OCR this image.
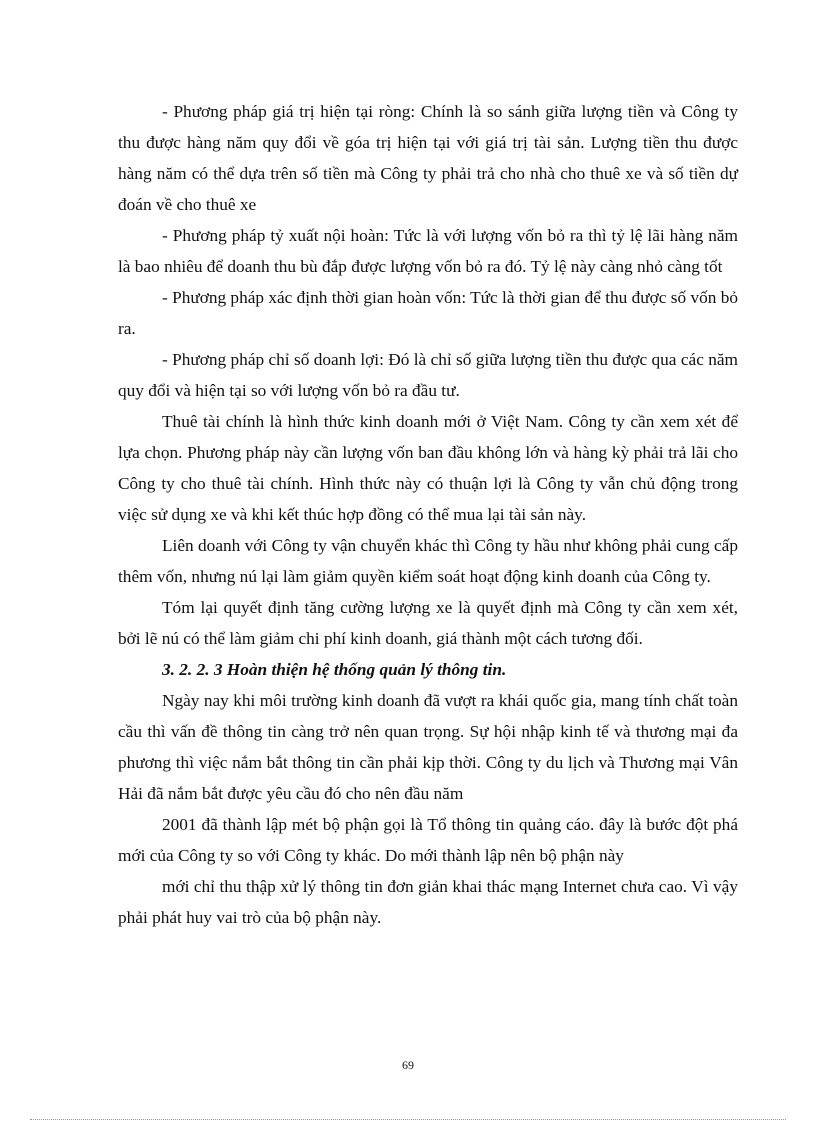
- Phương pháp giá trị hiện tại ròng: Chính là so sánh giữa lượng tiền và Công ty thu được hàng năm quy đổi về góa trị hiện tại với giá trị tài sản. Lượng tiền thu được hàng năm có thể dựa trên số tiền mà Công ty phải trả cho nhà cho thuê xe và số tiền dự đoán về cho thuê xe

- Phương pháp tỷ xuất nội hoàn: Tức là với lượng vốn bỏ ra thì tỷ lệ lãi hàng năm là bao nhiêu để doanh thu bù đắp được lượng vốn bỏ ra đó. Tỷ lệ này càng nhỏ càng tốt

- Phương pháp xác định thời gian hoàn vốn: Tức là thời gian để thu được số vốn bỏ ra.

- Phương pháp chỉ số doanh lợi: Đó là chỉ số giữa lượng tiền thu được qua các năm quy đổi và hiện tại so với lượng vốn bỏ ra đầu tư.

Thuê tài chính là hình thức kinh doanh mới ở Việt Nam. Công ty cần xem xét để lựa chọn. Phương pháp này cần lượng vốn ban đầu không lớn và hàng kỳ phải trả lãi cho Công ty cho thuê tài chính. Hình thức này có thuận lợi là Công ty vẫn chủ động trong việc sử dụng xe và khi kết thúc hợp đồng có thể mua lại tài sản này.

Liên doanh với Công ty vận chuyển khác thì Công ty hầu như không phải cung cấp thêm vốn, nhưng nú lại làm giảm quyền kiểm soát hoạt động kinh doanh của Công ty.

Tóm lại quyết định tăng cường lượng xe là quyết định mà Công ty cần xem xét, bởi lẽ nú có thể làm giảm chi phí kinh doanh, giá thành một cách tương đối.

3. 2. 2. 3 Hoàn thiện hệ thống quản lý thông tin.

Ngày nay khi môi trường kinh doanh đã vượt ra khái quốc gia, mang tính chất toàn cầu thì vấn đề thông tin càng trở nên quan trọng. Sự hội nhập kinh tế và thương mại đa phương thì việc nắm bắt thông tin cần phải kịp thời. Công ty du lịch và Thương mại Vân Hải đã nắm bắt được yêu cầu đó cho nên đầu năm

2001 đã thành lập mét bộ phận gọi là Tổ thông tin quảng cáo. đây là bước đột phá mới của Công ty so với Công ty khác. Do mới thành lập nên bộ phận này

mới chỉ thu thập xử lý thông tin đơn giản khai thác mạng Internet chưa cao. Vì vậy phải phát huy vai trò của bộ phận này.

69
